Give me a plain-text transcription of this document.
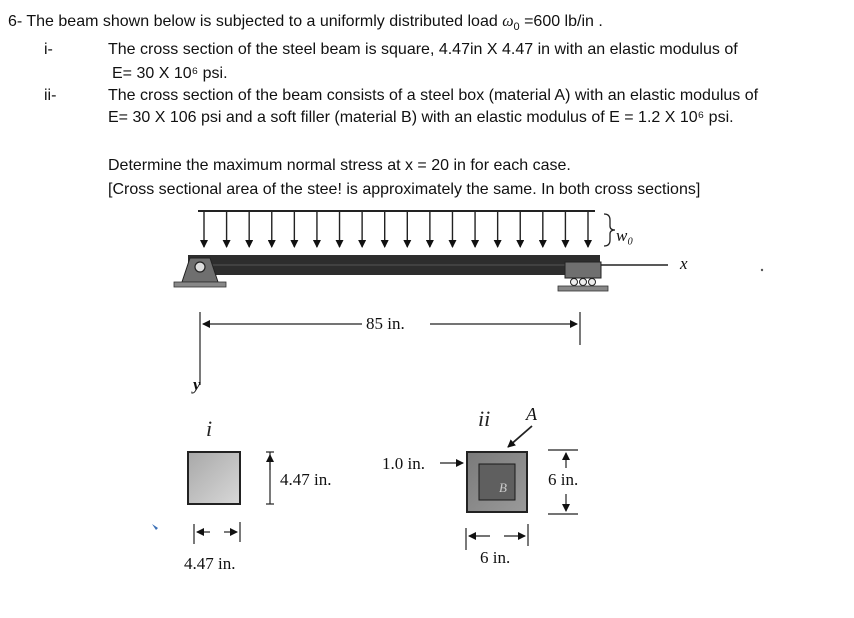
6- The beam shown below is subjected to a uniformly distributed load $\omega_0 =600$ lb/in .
i-	The cross section of the steel beam is square, 4.47in X 4.47 in with an elastic modulus of
E= 30 X 10⁶ psi.
ii-	The cross section of the beam consists of a steel box (material A) with an elastic modulus of
E= 30 X 106 psi and a soft filler (material B) with an elastic modulus of E = 1.2 X 10⁶ psi.
Determine the maximum normal stress at x = 20 in for each case.
[Cross sectional area of the stee! is approximately the same. In both cross sections]
w₀
x
y
85 in.
i
4.47 in.
4.47 in.
ii A
B
1.0 in.
6 in.
6 in.
